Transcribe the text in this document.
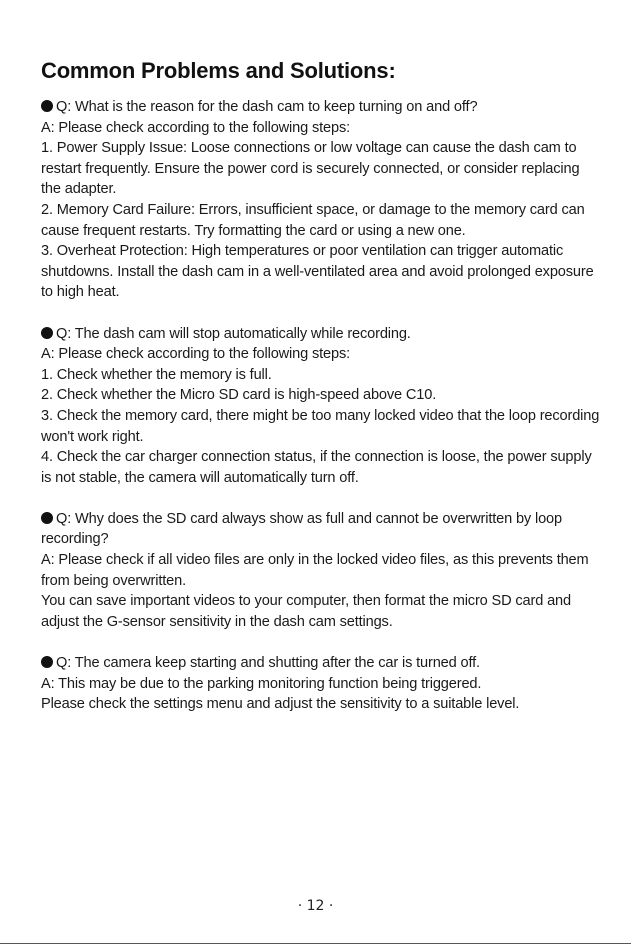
Common Problems and Solutions:

Q: What is the reason for the dash cam to keep turning on and off?

A: Please check according to the following steps:

1. Power Supply Issue: Loose connections or low voltage can cause the dash cam to restart frequently. Ensure the power cord is securely connected, or consider replacing the adapter.

2. Memory Card Failure: Errors, insufficient space, or damage to the memory card can cause frequent restarts. Try formatting the card or using a new one.

3. Overheat Protection: High temperatures or poor ventilation can trigger automatic shutdowns. Install the dash cam in a well-ventilated area and avoid prolonged exposure to high heat.

Q: The dash cam will stop automatically while recording.

A: Please check according to the following steps:

1. Check whether the memory is full.

2. Check whether the Micro SD card is high-speed above C10.

3. Check the memory card, there might be too many locked video that the loop recording won't work right.

4. Check the car charger connection status, if the connection is loose, the power supply is not stable, the camera will automatically turn off.

Q: Why does the SD card always show as full and cannot be overwritten by loop recording?

A: Please check if all video files are only in the locked video files, as this prevents them from being overwritten.

You can save important videos to your computer, then format the micro SD card and adjust the G-sensor sensitivity in the dash cam settings.

Q: The camera keep starting and shutting after the car is turned off.

A: This may be due to the parking monitoring function being triggered.

Please check the settings menu and adjust the sensitivity to a suitable level.

· 12 ·
